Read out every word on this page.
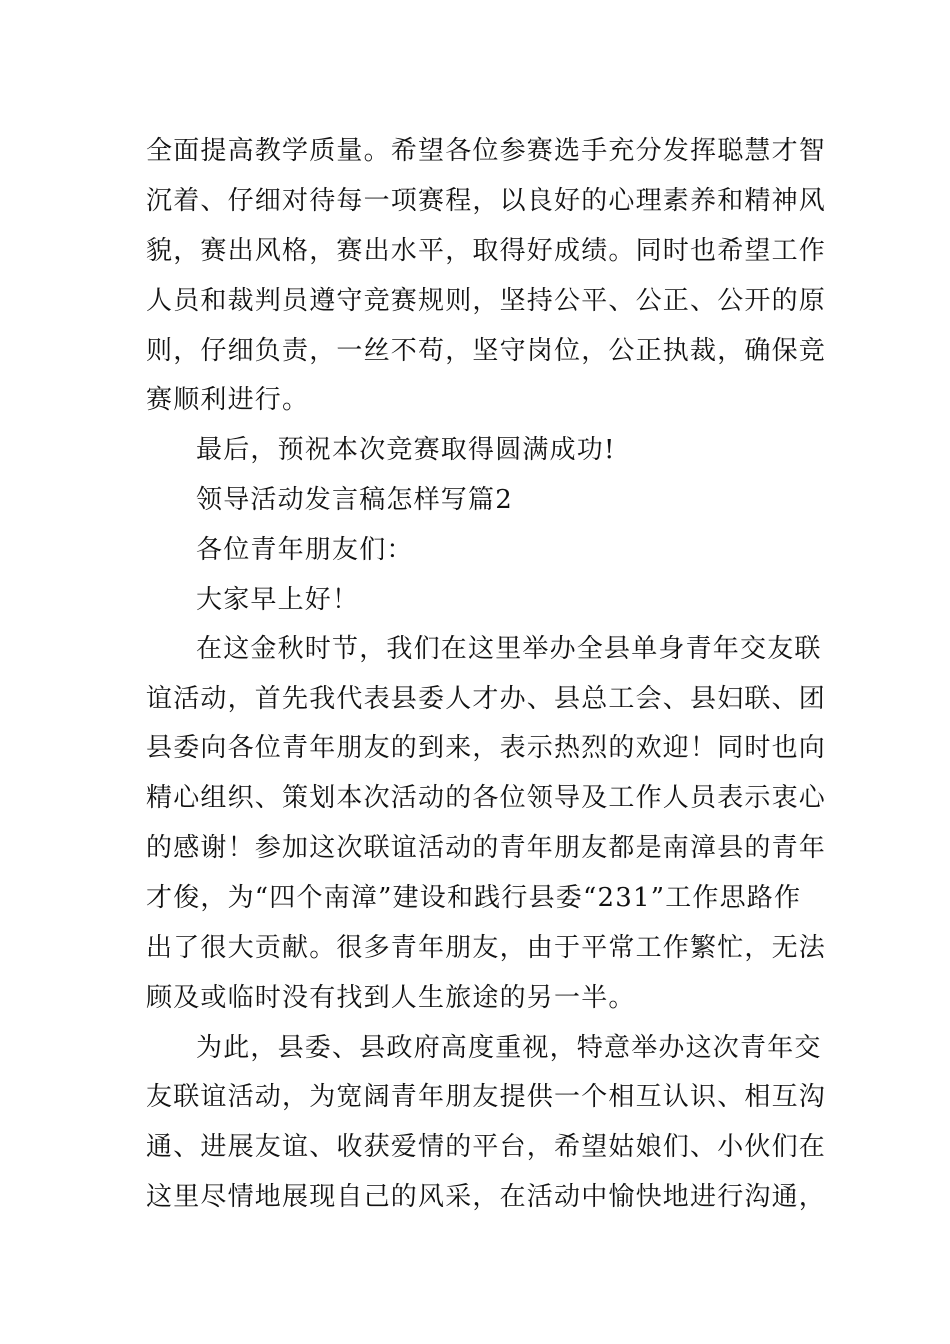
全面提高教学质量。希望各位参赛选手充分发挥聪慧才智
沉着、仔细对待每一项赛程，以良好的心理素养和精神风
貌，赛出风格，赛出水平，取得好成绩。同时也希望工作
人员和裁判员遵守竞赛规则，坚持公平、公正、公开的原
则，仔细负责，一丝不苟，坚守岗位，公正执裁，确保竞
赛顺利进行。
最后，预祝本次竞赛取得圆满成功!
领导活动发言稿怎样写篇2
各位青年朋友们：
大家早上好！
在这金秋时节，我们在这里举办全县单身青年交友联
谊活动，首先我代表县委人才办、县总工会、县妇联、团
县委向各位青年朋友的到来，表示热烈的欢迎！同时也向
精心组织、策划本次活动的各位领导及工作人员表示衷心
的感谢！参加这次联谊活动的青年朋友都是南漳县的青年
才俊，为“四个南漳”建设和践行县委“231”工作思路作
出了很大贡献。很多青年朋友，由于平常工作繁忙，无法
顾及或临时没有找到人生旅途的另一半。
为此，县委、县政府高度重视，特意举办这次青年交
友联谊活动，为宽阔青年朋友提供一个相互认识、相互沟
通、进展友谊、收获爱情的平台，希望姑娘们、小伙们在
这里尽情地展现自己的风采，在活动中愉快地进行沟通，
